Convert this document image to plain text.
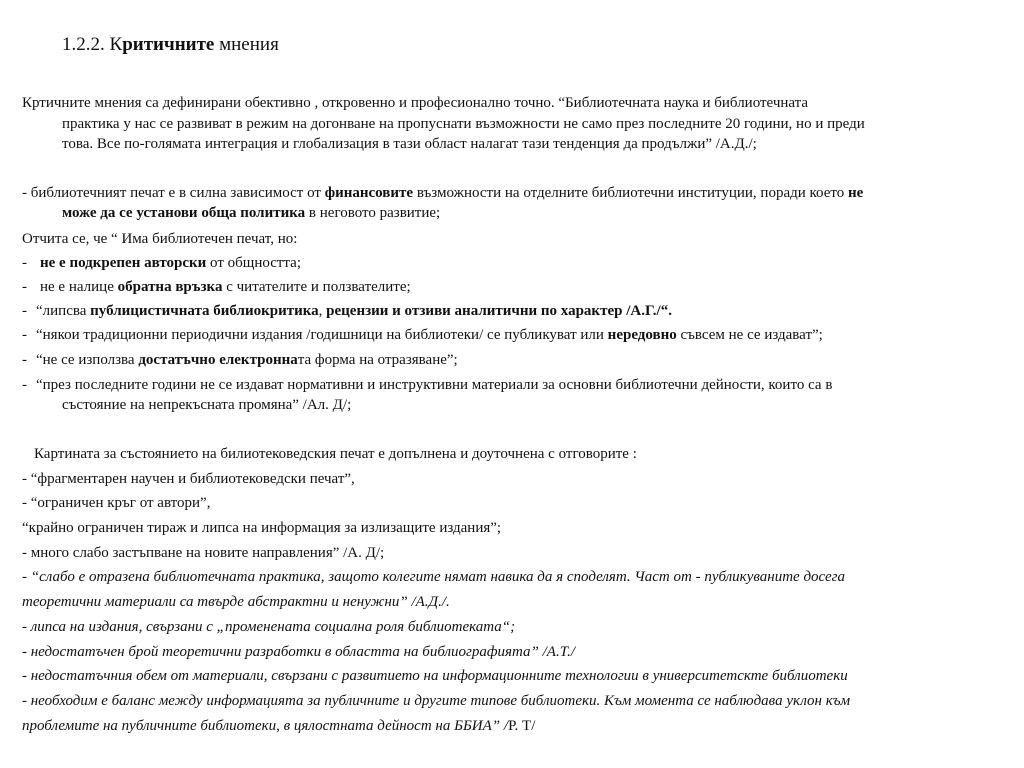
1.2.2. Критичните мнения
Кртичните мнения са дефинирани обективно , откровенно и професионално точно. “Библиотечната наука и библиотечната
практика у нас се развиват в режим на догонване на пропуснати възможности не само през последните 20 години, но и преди
това. Все по-голямата интеграция и глобализация в тази област налагат тази тенденция да продължи” /А.Д./;
- библиотечният печат е в силна зависимост от финансовите възможности на отделните библиотечни институции, поради което не
може да се установи обща политика в неговото развитие;
Отчита се, че “ Има библиотечен печат, но:
- не е подкрепен авторски от общността;
- не е налице обратна връзка с читателите и ползвателите;
- “липсва публицистичната библиокритика, рецензии и отзиви аналитични по характер /А.Г./“.
- “някои традиционни периодични издания /годишници на библиотеки/ се публикуват или нередовно съвсем не се издават”;
- “не се използва достатъчно електронната форма на отразяване”;
- “през последните години не се издават нормативни и инструктивни материали за основни библиотечни дейности, които са в
състояние на непрекъсната промяна” /Ал. Д/;
Картината за състоянието на билиотековедския печат е допълнена и доуточнена с отговорите :
- “фрагментарен научен и библиотековедски печат”,
- “ограничен кръг от автори”,
“крайно ограничен тираж и липса на информация за излизащите издания”;
- много слабо застъпване на новите направления” /А. Д/;
- “слабо е отразена библиотечната практика, защото колегите нямат навика да я споделят. Част от - публикуваните досега
теоретични материали са твърде абстрактни и ненужни” /А.Д./.
- липса на издания, свързани с „променената социална роля библиотеката“;
- недостатъчен брой теоретични разработки в областта на библиографията” /А.Т./
- недостатъчния обем от материали, свързани с развитието на информационните технологии в университетскте библиотеки
- необходим е баланс между информацията за публичните и другите типове библиотеки. Към момента се наблюдава уклон към
проблемите на публичните библиотеки, в цялостната дейност на ББИА” /Р. Т/
